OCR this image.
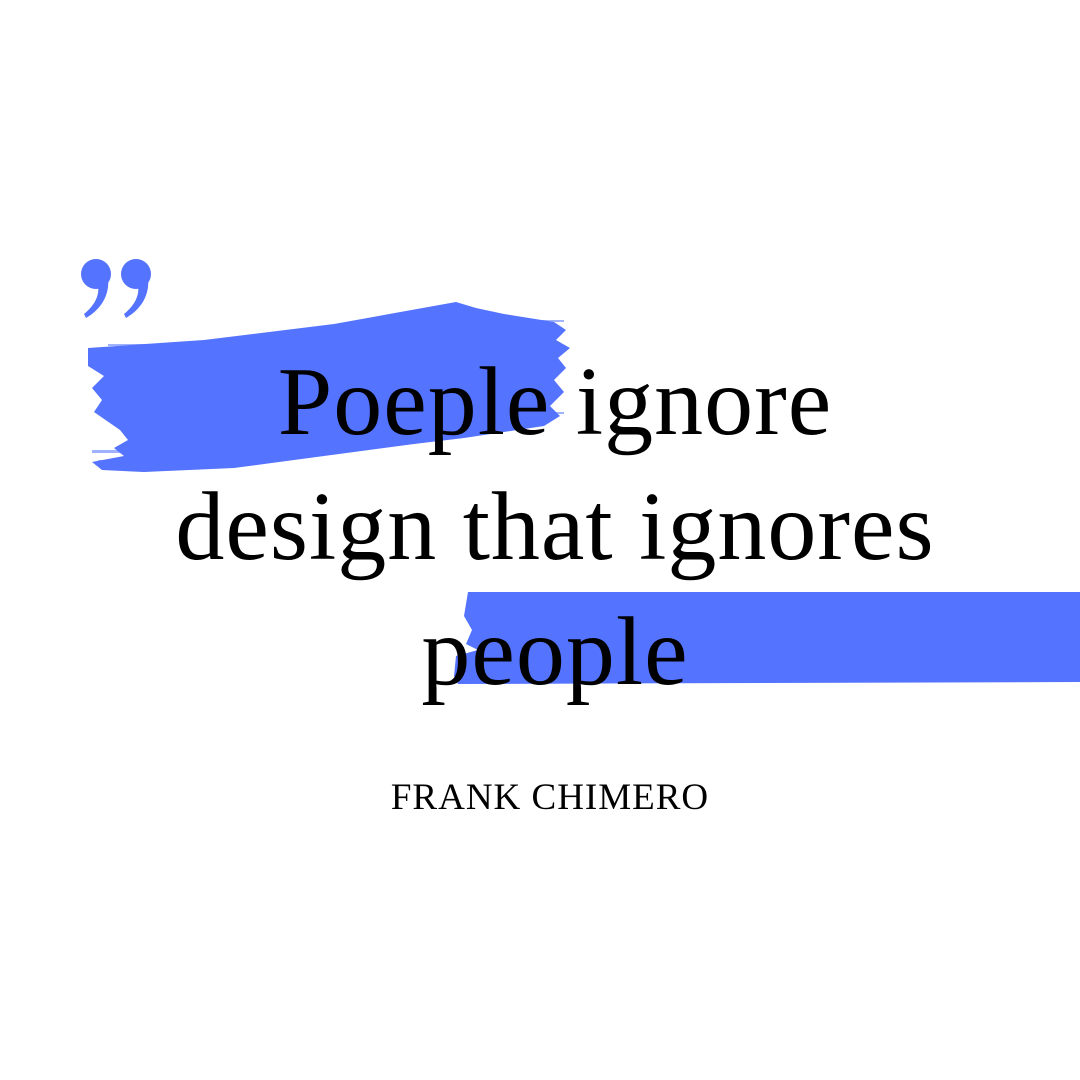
Poeple ignore
design that ignores
people
FRANK CHIMERO
